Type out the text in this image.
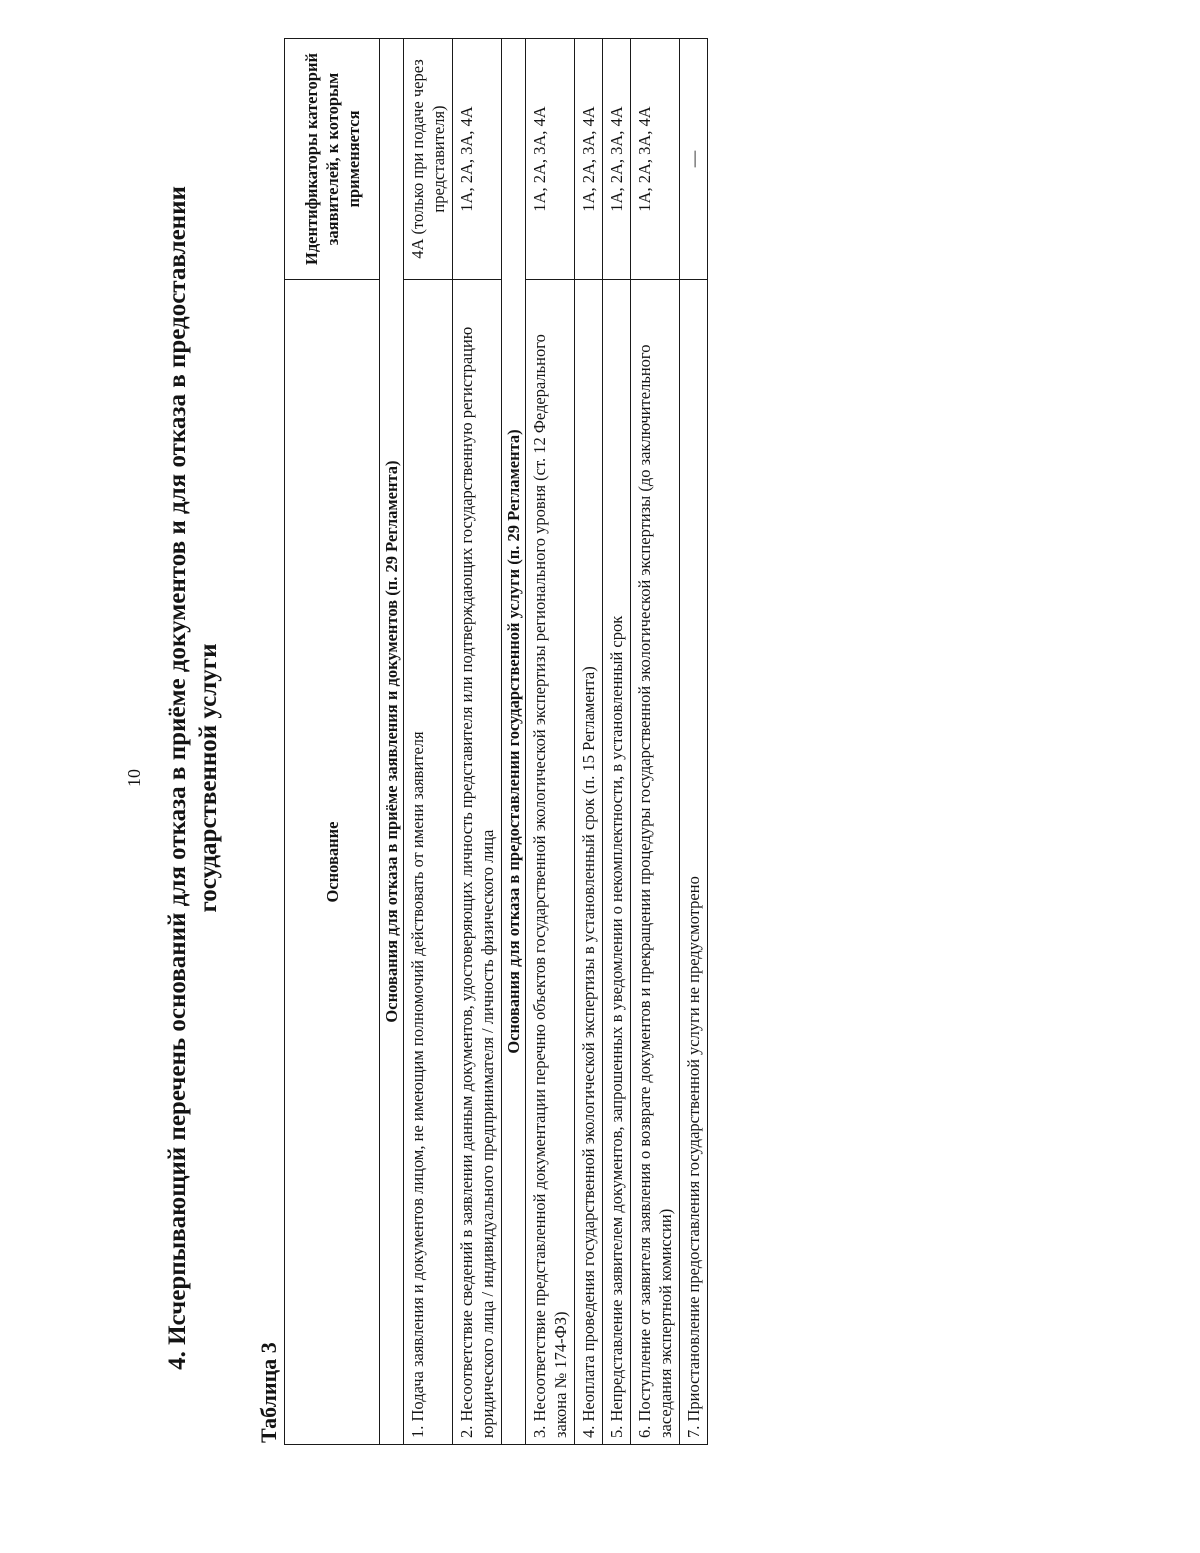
10 4. Исчерпывающий перечень оснований для отказа в приёме документов и для отказа в предоставлении государственной услуги
Таблица 3
Основание	Идентификаторы категорий заявителей, к которым применяется
Основания для отказа в приёме заявления и документов (п. 29 Регламента)	
1. Подача заявления и документов лицом, не имеющим полномочий действовать от имени заявителя	4А (только при подаче через представителя)
2. Несоответствие сведений в заявлении данным документов, удостоверяющих личность представителя или подтверждающих государственную регистрацию юридического лица / индивидуального предпринимателя / личность физического лица	1А, 2А, 3А, 4А
Основания для отказа в предоставлении государственной услуги (п. 29 Регламента)	
3. Несоответствие представленной документации перечню объектов государственной экологической экспертизы регионального уровня (ст. 12 Федерального закона № 174-ФЗ)	1А, 2А, 3А, 4А
4. Неоплата проведения государственной экологической экспертизы в установленный срок (п. 15 Регламента)	1А, 2А, 3А, 4А
5. Непредставление заявителем документов, запрошенных в уведомлении о некомплектности, в установленный срок	1А, 2А, 3А, 4А
6. Поступление от заявителя заявления о возврате документов и прекращении процедуры государственной экологической экспертизы (до заключительного заседания экспертной комиссии)	1А, 2А, 3А, 4А
7. Приостановление предоставления государственной услуги не предусмотрено	—
